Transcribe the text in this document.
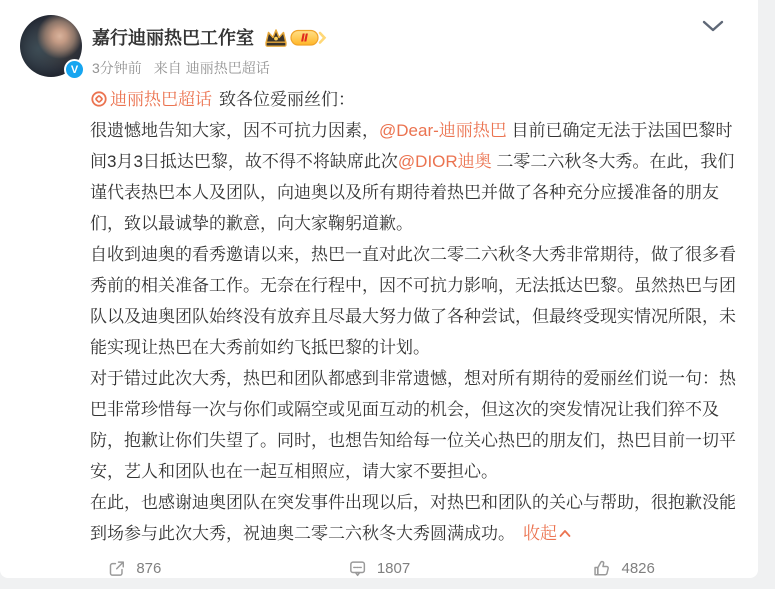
V
嘉行迪丽热巴工作室	Ⅱ
3分钟前 来自 迪丽热巴超话

迪丽热巴超话 致各位爱丽丝们：

很遗憾地告知大家，因不可抗力因素，@Dear-迪丽热巴 目前已确定无法于法国巴黎时间3月3日抵达巴黎，故不得不将缺席此次@DIOR迪奥 二零二六秋冬大秀。在此，我们谨代表热巴本人及团队，向迪奥以及所有期待着热巴并做了各种充分应援准备的朋友们，致以最诚挚的歉意，向大家鞠躬道歉。

自收到迪奥的看秀邀请以来，热巴一直对此次二零二六秋冬大秀非常期待，做了很多看秀前的相关准备工作。无奈在行程中，因不可抗力影响，无法抵达巴黎。虽然热巴与团队以及迪奥团队始终没有放弃且尽最大努力做了各种尝试，但最终受现实情况所限，未能实现让热巴在大秀前如约飞抵巴黎的计划。

对于错过此次大秀，热巴和团队都感到非常遗憾，想对所有期待的爱丽丝们说一句：热巴非常珍惜每一次与你们或隔空或见面互动的机会，但这次的突发情况让我们猝不及防，抱歉让你们失望了。同时，也想告知给每一位关心热巴的朋友们，热巴目前一切平安，艺人和团队也在一起互相照应，请大家不要担心。

在此，也感谢迪奥团队在突发事件出现以后，对热巴和团队的关心与帮助，很抱歉没能到场参与此次大秀，祝迪奥二零二六秋冬大秀圆满成功。 收起

876	1807	4826
